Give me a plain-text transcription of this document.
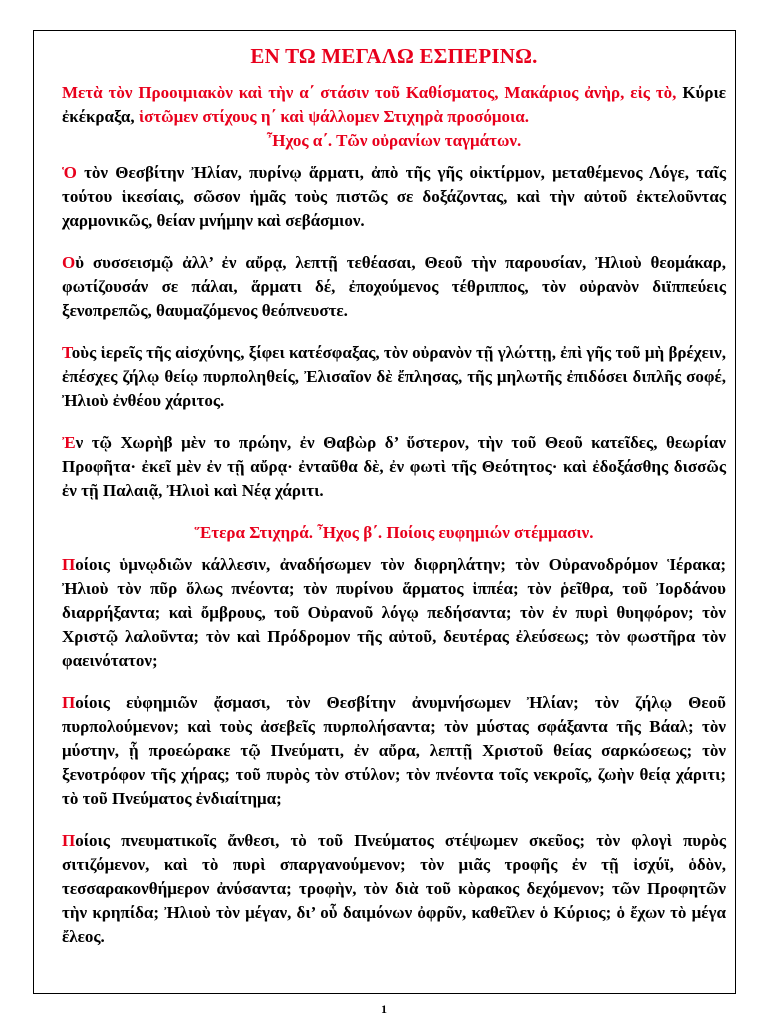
ΕΝ ΤΩ ΜΕΓΑΛΩ ΕΣΠΕΡΙΝΩ.

Μετὰ τὸν Προοιμιακὸν καὶ τὴν α΄ στάσιν τοῦ Καθίσματος, Μακάριος ἀνὴρ, εἰς τὸ, Κύριε ἐκέκραξα, ἱστῶμεν στίχους η΄ καὶ ψάλλομεν Στιχηρὰ προσόμοια.

Ἦχος α΄. Τῶν οὐρανίων ταγμάτων.

Ὁ τὸν Θεσβίτην Ἠλίαν, πυρίνῳ ἅρματι, ἀπὸ τῆς γῆς οἰκτίρμον, μεταθέμενος Λόγε, ταῖς τούτου ἱκεσίαις, σῶσον ἡμᾶς τοὺς πιστῶς σε δοξάζοντας, καὶ τὴν αὐτοῦ ἐκτελοῦντας χαρμονικῶς, θείαν μνήμην καὶ σεβάσμιον.

Οὐ συσσεισμῷ ἀλλ’ ἐν αὔρᾳ, λεπτῇ τεθέασαι, Θεοῦ τὴν παρουσίαν, Ἠλιοὺ θεομάκαρ, φωτίζουσάν σε πάλαι, ἅρματι δέ, ἐποχούμενος τέθριππος, τὸν οὐρανὸν διϊππεύεις ξενοπρεπῶς, θαυμαζόμενος θεόπνευστε.

Τοὺς ἱερεῖς τῆς αἰσχύνης, ξίφει κατέσφαξας, τὸν οὐρανὸν τῇ γλώττῃ, ἐπὶ γῆς τοῦ μὴ βρέχειν, ἐπέσχες ζήλῳ θείῳ πυρποληθείς, Ἐλισαῖον δὲ ἔπλησας, τῆς μηλωτῆς ἐπιδόσει διπλῆς σοφέ, Ἠλιοὺ ἐνθέου χάριτος.

Ἐν τῷ Χωρὴβ μὲν το πρώην, ἐν Θαβὼρ δ’ ὕστερον, τὴν τοῦ Θεοῦ κατεῖδες, θεωρίαν Προφῆτα· ἐκεῖ μὲν ἐν τῇ αὔρᾳ· ἐνταῦθα δὲ, ἐν φωτὶ τῆς Θεότητος· καὶ ἐδοξάσθης δισσῶς ἐν τῇ Παλαιᾷ, Ἠλιοὶ καὶ Νέᾳ χάριτι.

Ἕτερα Στιχηρά. Ἦχος β΄. Ποίοις ευφημιών στέμμασιν.

Ποίοις ὑμνῳδιῶν κάλλεσιν, ἀναδήσωμεν τὸν διφρηλάτην; τὸν Οὐρανοδρόμον Ἱέρακα; Ἠλιοὺ τὸν πῦρ ὅλως πνέοντα; τὸν πυρίνου ἅρματος ἱππέα; τὸν ῥεῖθρα, τοῦ Ἰορδάνου διαρρήξαντα; καὶ ὄμβρους, τοῦ Οὐρανοῦ λόγῳ πεδήσαντα; τὸν ἐν πυρὶ θυηφόρον; τὸν Χριστῷ λαλοῦντα; τὸν καὶ Πρόδρομον τῆς αὐτοῦ, δευτέρας ἐλεύσεως; τὸν φωστῆρα τὸν φαεινότατον;

Ποίοις εὐφημιῶν ᾄσμασι, τὸν Θεσβίτην ἀνυμνήσωμεν Ἠλίαν; τὸν ζήλῳ Θεοῦ πυρπολούμενον; καὶ τοὺς ἀσεβεῖς πυρπολήσαντα; τὸν μύστας σφάξαντα τῆς Βάαλ; τὸν μύστην, ᾗ προεώρακε τῷ Πνεύματι, ἐν αὔρα, λεπτῇ Χριστοῦ θείας σαρκώσεως; τὸν ξενοτρόφον τῆς χήρας; τοῦ πυρὸς τὸν στύλον; τὸν πνέοντα τοῖς νεκροῖς, ζωὴν θείᾳ χάριτι; τὸ τοῦ Πνεύματος ἐνδιαίτημα;

Ποίοις πνευματικοῖς ἄνθεσι, τὸ τοῦ Πνεύματος στέψωμεν σκεῦος; τὸν φλογὶ πυρὸς σιτιζόμενον, καὶ τὸ πυρὶ σπαργανούμενον; τὸν μιᾶς τροφῆς ἐν τῇ ἰσχύϊ, ὁδὸν, τεσσαρακονθήμερον ἀνύσαντα; τροφὴν, τὸν διὰ τοῦ κὸρακος δεχόμενον; τῶν Προφητῶν τὴν κρηπίδα; Ἠλιοὺ τὸν μέγαν, δι’ οὗ δαιμόνων ὀφρῦν, καθεῖλεν ὁ Κύριος; ὁ ἔχων τὸ μέγα ἔλεος.

1
